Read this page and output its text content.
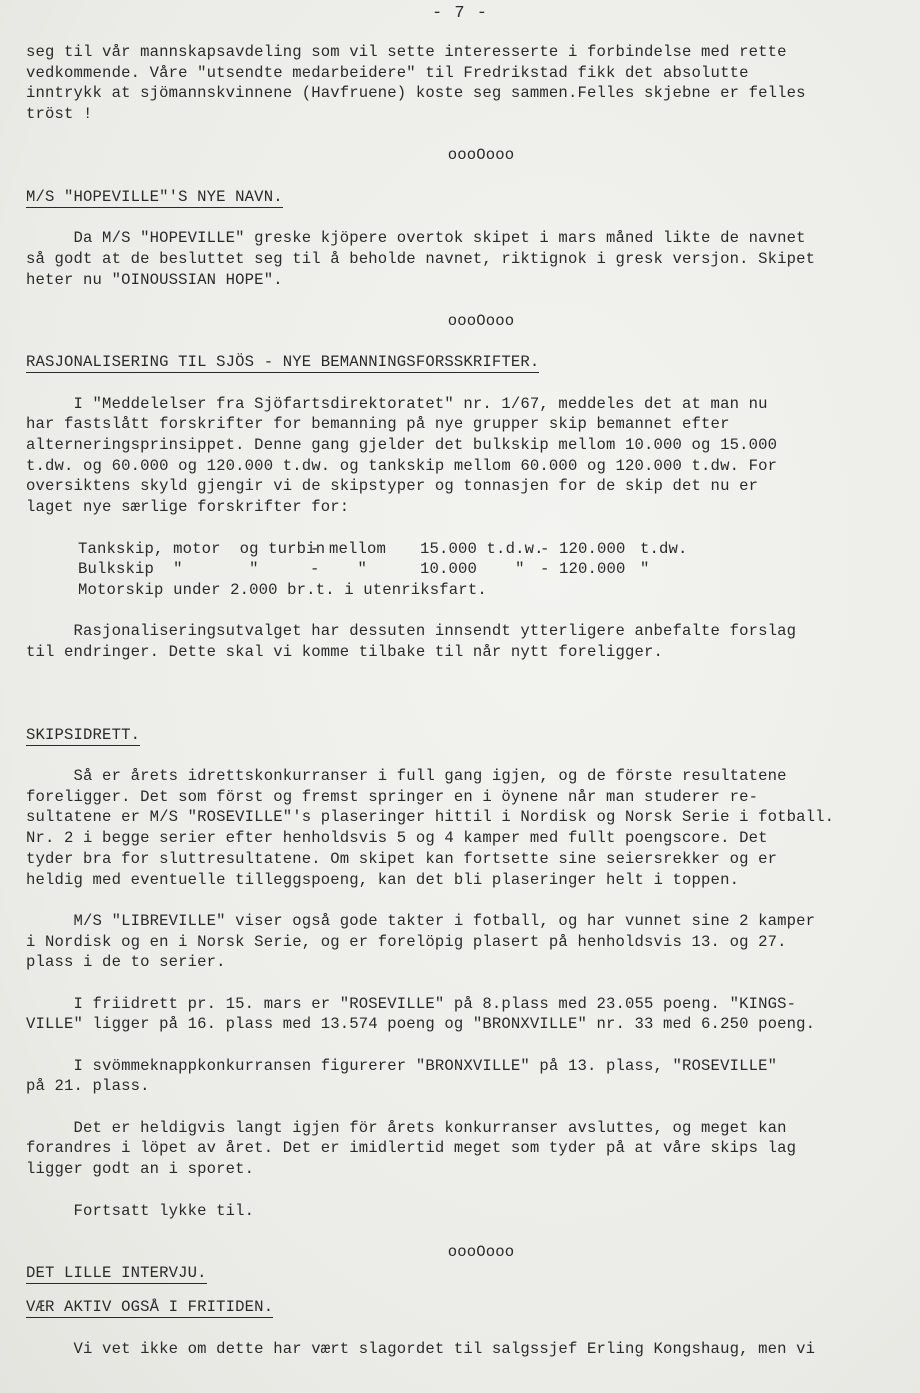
- 7 -
seg til vår mannskapsavdeling som vil sette interesserte i forbindelse med rette
vedkommende. Våre "utsendte medarbeidere" til Fredrikstad fikk det absolutte
inntrykk at sjömannskvinnene (Havfruene) koste seg sammen.Felles skjebne er felles
tröst !
oooOooo
M/S "HOPEVILLE"'S NYE NAVN.
Da M/S "HOPEVILLE" greske kjöpere overtok skipet i mars måned likte de navnet
så godt at de besluttet seg til å beholde navnet, riktignok i gresk versjon. Skipet
heter nu "OINOUSSIAN HOPE".
oooOooo
RASJONALISERING TIL SJÖS - NYE BEMANNINGSFORSSKRIFTER.
I "Meddelelser fra Sjöfartsdirektoratet" nr. 1/67, meddeles det at man nu
har fastslått forskrifter for bemanning på nye grupper skip bemannet efter
alterneringsprinsippet. Denne gang gjelder det bulkskip mellom 10.000 og 15.000
t.dw. og 60.000 og 120.000 t.dw. og tankskip mellom 60.000 og 120.000 t.dw. For
oversiktens skyld gjengir vi de skipstyper og tonnasjen for de skip det nu er
laget nye særlige forskrifter for:
Tankskip, motor  og turbin- mellom 15.000 t.d.w.- 120.000 t.dw.
Bulkskip  "       "	-    "	10.000    " - 120.000 "
Motorskip under 2.000 br.t. i utenriksfart.
Rasjonaliseringsutvalget har dessuten innsendt ytterligere anbefalte forslag
til endringer. Dette skal vi komme tilbake til når nytt foreligger.
SKIPSIDRETT.
Så er årets idrettskonkurranser i full gang igjen, og de förste resultatene
foreligger. Det som först og fremst springer en i öynene når man studerer re-
sultatene er M/S "ROSEVILLE"'s plaseringer hittil i Nordisk og Norsk Serie i fotball.
Nr. 2 i begge serier efter henholdsvis 5 og 4 kamper med fullt poengscore. Det
tyder bra for sluttresultatene. Om skipet kan fortsette sine seiersrekker og er
heldig med eventuelle tilleggspoeng, kan det bli plaseringer helt i toppen.
M/S "LIBREVILLE" viser også gode takter i fotball, og har vunnet sine 2 kamper
i Nordisk og en i Norsk Serie, og er forelöpig plasert på henholdsvis 13. og 27.
plass i de to serier.
I friidrett pr. 15. mars er "ROSEVILLE" på 8.plass med 23.055 poeng. "KINGS-
VILLE" ligger på 16. plass med 13.574 poeng og "BRONXVILLE" nr. 33 med 6.250 poeng.
I svömmeknappkonkurransen figurerer "BRONXVILLE" på 13. plass, "ROSEVILLE"
på 21. plass.
Det er heldigvis langt igjen för årets konkurranser avsluttes, og meget kan
forandres i löpet av året. Det er imidlertid meget som tyder på at våre skips lag
ligger godt an i sporet.
Fortsatt lykke til.
oooOooo
DET LILLE INTERVJU.
VÆR AKTIV OGSÅ I FRITIDEN.
Vi vet ikke om dette har vært slagordet til salgssjef Erling Kongshaug, men vi
